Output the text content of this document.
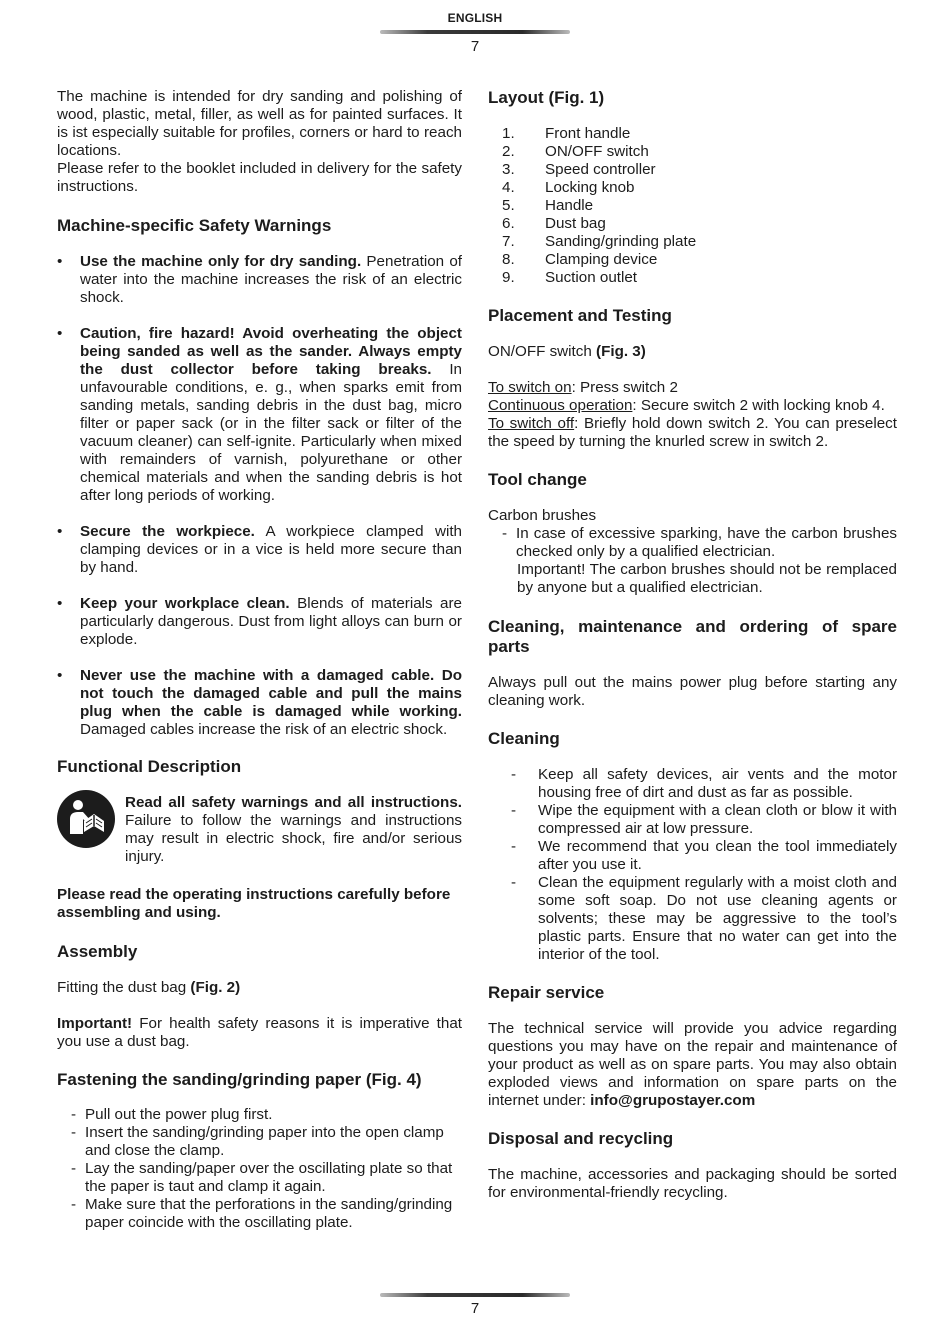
ENGLISH
7

The machine is intended for dry sanding and polishing of wood, plastic, metal, filler, as well as for painted surfaces. It is ist especially suitable for profiles, corners or hard to reach locations.

Please refer to the booklet included in delivery for the safety instructions.

Machine-specific Safety Warnings
• Use the machine only for dry sanding. Penetration of water into the machine increases the risk of an electric shock.
• Caution, fire hazard! Avoid overheating the object being sanded as well as the sander. Always empty the dust collector before taking breaks. In unfavourable conditions, e. g., when sparks emit from sanding metals, sanding debris in the dust bag, micro filter or paper sack (or in the filter sack or filter of the vacuum cleaner) can self-ignite. Particularly when mixed with remainders of varnish, polyurethane or other chemical materials and when the sanding debris is hot after long periods of working.
• Secure the workpiece. A workpiece clamped with clamping devices or in a vice is held more secure than by hand.
• Keep your workplace clean. Blends of materials are particularly dangerous. Dust from light alloys can burn or explode.
• Never use the machine with a damaged cable. Do not touch the damaged cable and pull the mains plug when the cable is damaged while working. Damaged cables increase the risk of an electric shock.
Functional Description
Read all safety warnings and all instructions. Failure to follow the warnings and instructions may result in electric shock, fire and/or serious injury.

Please read the operating instructions carefully before assembling and using.

Assembly

Fitting the dust bag (Fig. 2)

Important! For health safety reasons it is imperative that you use a dust bag.

Fastening the sanding/grinding paper (Fig. 4)
- Pull out the power plug first.
- Insert the sanding/grinding paper into the open clamp and close the clamp.
- Lay the sanding/paper over the oscillating plate so that the paper is taut and clamp it again.
- Make sure that the perforations in the sanding/grinding paper coincide with the oscillating plate.
Layout (Fig. 1)
1. Front handle
2. ON/OFF switch
3. Speed controller
4. Locking knob
5. Handle
6. Dust bag
7. Sanding/grinding plate
8. Clamping device
9. Suction outlet
Placement and Testing

ON/OFF switch (Fig. 3)

To switch on: Press switch 2

Continuous operation: Secure switch 2 with locking knob 4.

To switch off: Briefly hold down switch 2. You can preselect the speed by turning the knurled screw in switch 2.

Tool change

Carbon brushes

- In case of excessive sparking, have the carbon brushes checked only by a qualified electrician.

Important! The carbon brushes should not be remplaced by anyone but a qualified electrician.

Cleaning, maintenance and ordering of spare parts

Always pull out the mains power plug before starting any cleaning work.

Cleaning
- Keep all safety devices, air vents and the motor housing free of dirt and dust as far as possible.
- Wipe the equipment with a clean cloth or blow it with compressed air at low pressure.
- We recommend that you clean the tool immediately after you use it.
- Clean the equipment regularly with a moist cloth and some soft soap. Do not use cleaning agents or solvents; these may be aggressive to the tool’s plastic parts. Ensure that no water can get into the interior of the tool.
Repair service

The technical service will provide you advice regarding questions you may have on the repair and maintenance of your product as well as on spare parts. You may also obtain exploded views and information on spare parts on the internet under: info@grupostayer.com

Disposal and recycling

The machine, accessories and packaging should be sorted for environmental-friendly recycling.

7
